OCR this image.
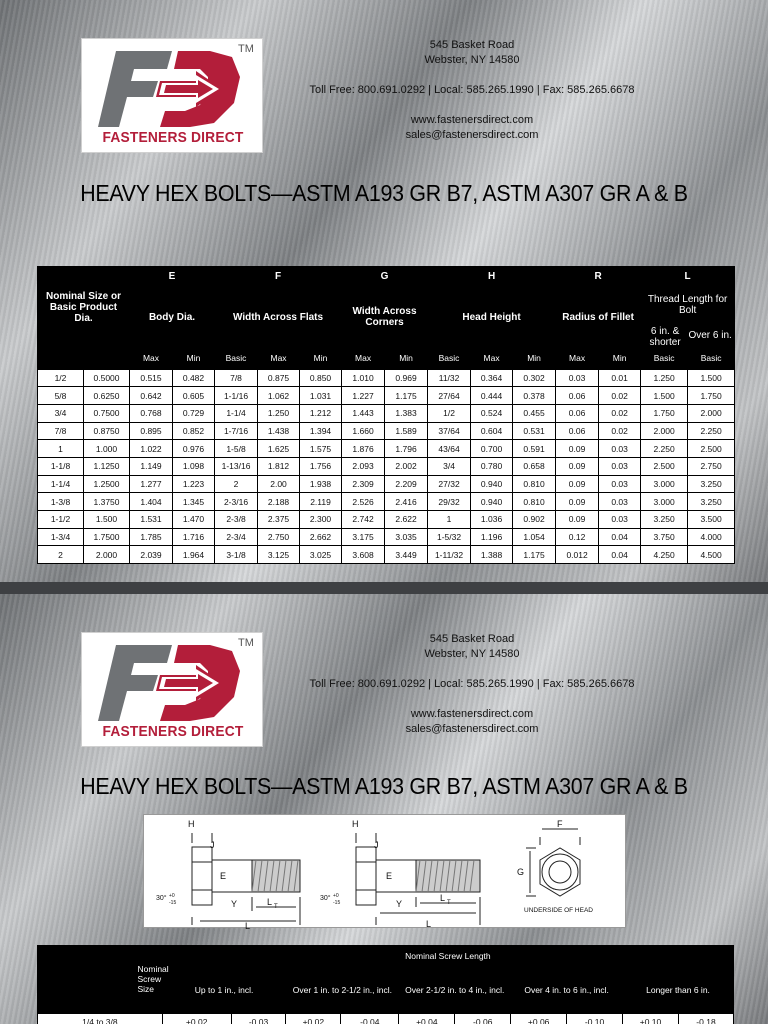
TM
FASTENERS DIRECT
545 Basket Road
Webster, NY 14580
Toll Free: 800.691.0292 | Local: 585.265.1990 | Fax: 585.265.6678
www.fastenersdirect.com
sales@fastenersdirect.com
HEAVY HEX BOLTS—ASTM A193 GR B7, ASTM A307 GR A & B
Nominal Size or Basic Product Dia.		E		F			G		H			R		L	
		Body Dia.		Width Across Flats			Width Across Corners		Head Height			Radius of Fillet		Thread Length for Bolt
6 in. & shorter
Over 6 in.	

		Max	Min	Basic	Max	Min	Max	Min	Basic	Max	Min	Max	Min	Basic	Basic
1/2	0.5000	0.515	0.482	7/8	0.875	0.850	1.010	0.969	11/32	0.364	0.302	0.03	0.01	1.250	1.500
5/8	0.6250	0.642	0.605	1-1/16	1.062	1.031	1.227	1.175	27/64	0.444	0.378	0.06	0.02	1.500	1.750
3/4	0.7500	0.768	0.729	1-1/4	1.250	1.212	1.443	1.383	1/2	0.524	0.455	0.06	0.02	1.750	2.000
7/8	0.8750	0.895	0.852	1-7/16	1.438	1.394	1.660	1.589	37/64	0.604	0.531	0.06	0.02	2.000	2.250
1	1.000	1.022	0.976	1-5/8	1.625	1.575	1.876	1.796	43/64	0.700	0.591	0.09	0.03	2.250	2.500
1-1/8	1.1250	1.149	1.098	1-13/16	1.812	1.756	2.093	2.002	3/4	0.780	0.658	0.09	0.03	2.500	2.750
1-1/4	1.2500	1.277	1.223	2	2.00	1.938	2.309	2.209	27/32	0.940	0.810	0.09	0.03	3.000	3.250
1-3/8	1.3750	1.404	1.345	2-3/16	2.188	2.119	2.526	2.416	29/32	0.940	0.810	0.09	0.03	3.000	3.250
1-1/2	1.500	1.531	1.470	2-3/8	2.375	2.300	2.742	2.622	1	1.036	0.902	0.09	0.03	3.250	3.500
1-3/4	1.7500	1.785	1.716	2-3/4	2.750	2.662	3.175	3.035	1-5/32	1.196	1.054	0.12	0.04	3.750	4.000
2	2.000	2.039	1.964	3-1/8	3.125	3.025	3.608	3.449	1-11/32	1.388	1.175	0.012	0.04	4.250	4.500
TM
FASTENERS DIRECT
545 Basket Road
Webster, NY 14580
Toll Free: 800.691.0292 | Local: 585.265.1990 | Fax: 585.265.6678
www.fastenersdirect.com
sales@fastenersdirect.com
HEAVY HEX BOLTS—ASTM A193 GR B7, ASTM A307 GR A & B
H
J
E
Y	L T
L
30° +0
-15
H
J
E
Y
L T
L
30° +0
-15
F
G
UNDERSIDE OF HEAD
Nominal Screw Size	Nominal Screw Length									
	Up to 1 in., incl.		Over 1 in. to 2-1/2 in., incl.		Over 2-1/2 in. to 4 in., incl.		Over 4 in. to 6 in., incl.		Longer than 6 in.	
1/4 to 3/8	+0.02	-0.03	+0.02	-0.04	+0.04	-0.06	+0.06	-0.10	+0.10	-0.18
